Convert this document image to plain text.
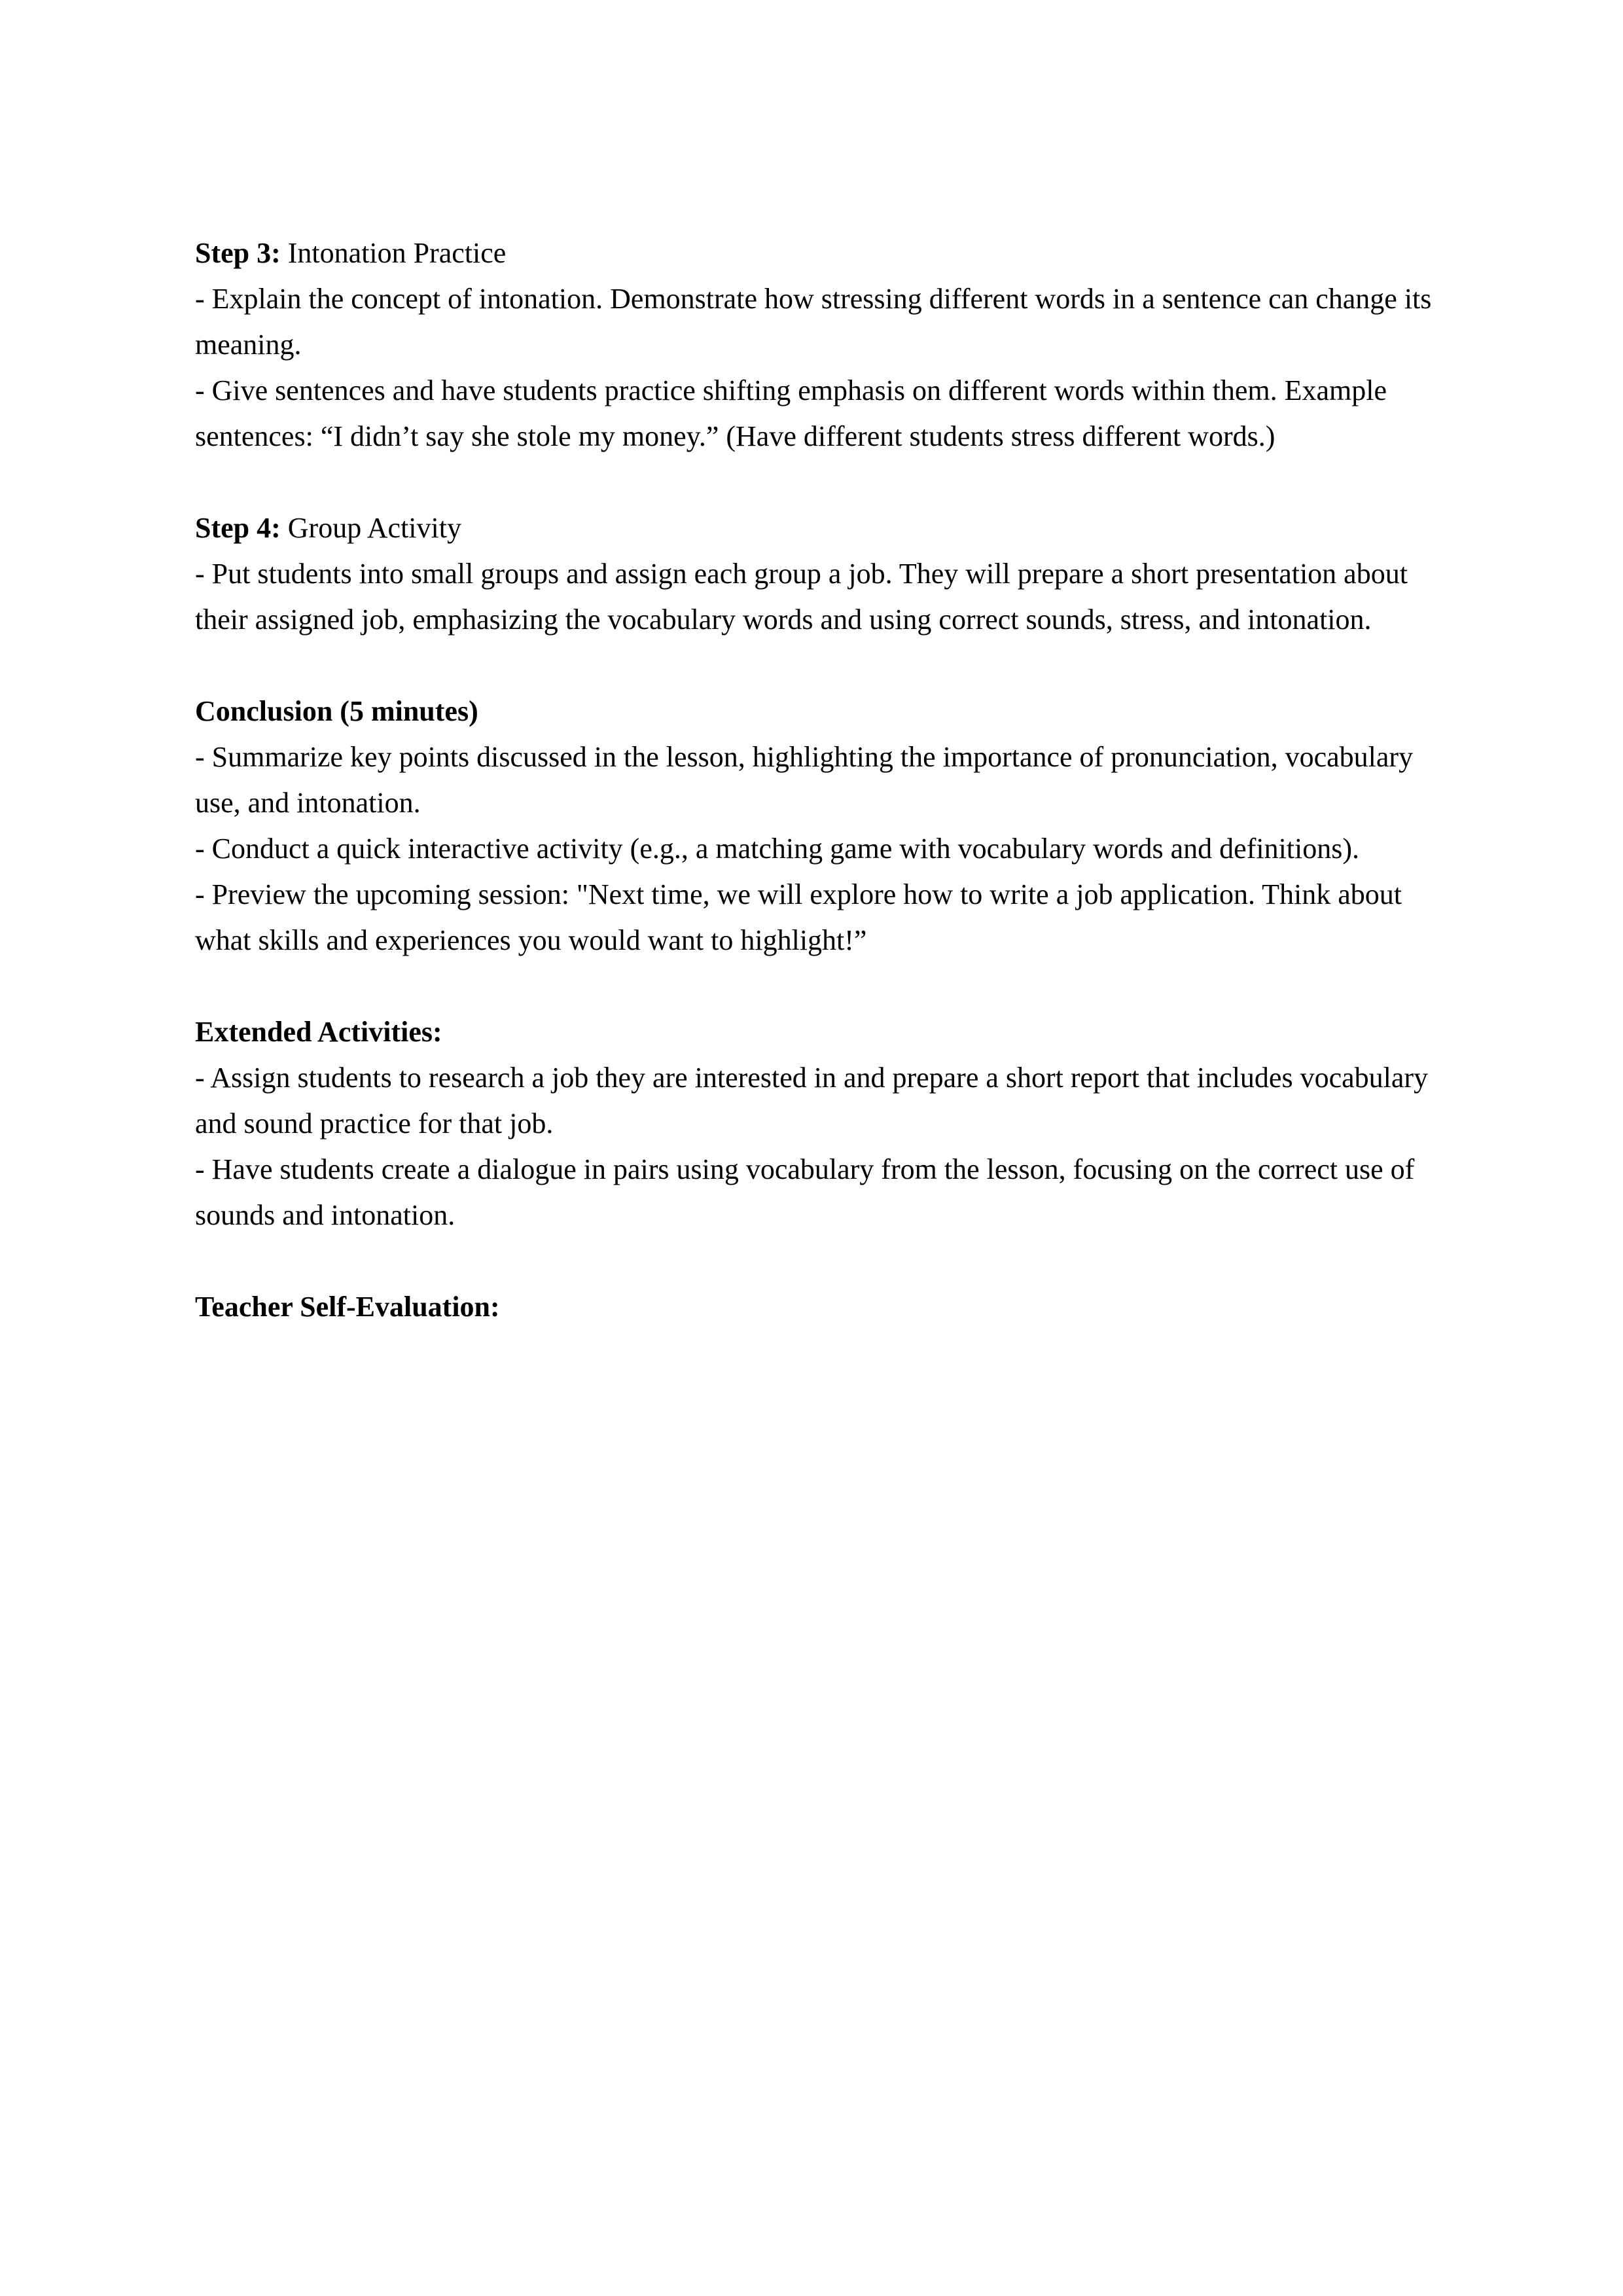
Step 3: Intonation Practice

- Explain the concept of intonation. Demonstrate how stressing different words in a sentence can change its meaning.

- Give sentences and have students practice shifting emphasis on different words within them. Example sentences: “I didn’t say she stole my money.” (Have different students stress different words.)

Step 4: Group Activity

- Put students into small groups and assign each group a job. They will prepare a short presentation about their assigned job, emphasizing the vocabulary words and using correct sounds, stress, and intonation.

Conclusion (5 minutes)

- Summarize key points discussed in the lesson, highlighting the importance of pronunciation, vocabulary use, and intonation.

- Conduct a quick interactive activity (e.g., a matching game with vocabulary words and definitions).

- Preview the upcoming session: "Next time, we will explore how to write a job application. Think about what skills and experiences you would want to highlight!”

Extended Activities:

- Assign students to research a job they are interested in and prepare a short report that includes vocabulary and sound practice for that job.

- Have students create a dialogue in pairs using vocabulary from the lesson, focusing on the correct use of sounds and intonation.

Teacher Self-Evaluation:
